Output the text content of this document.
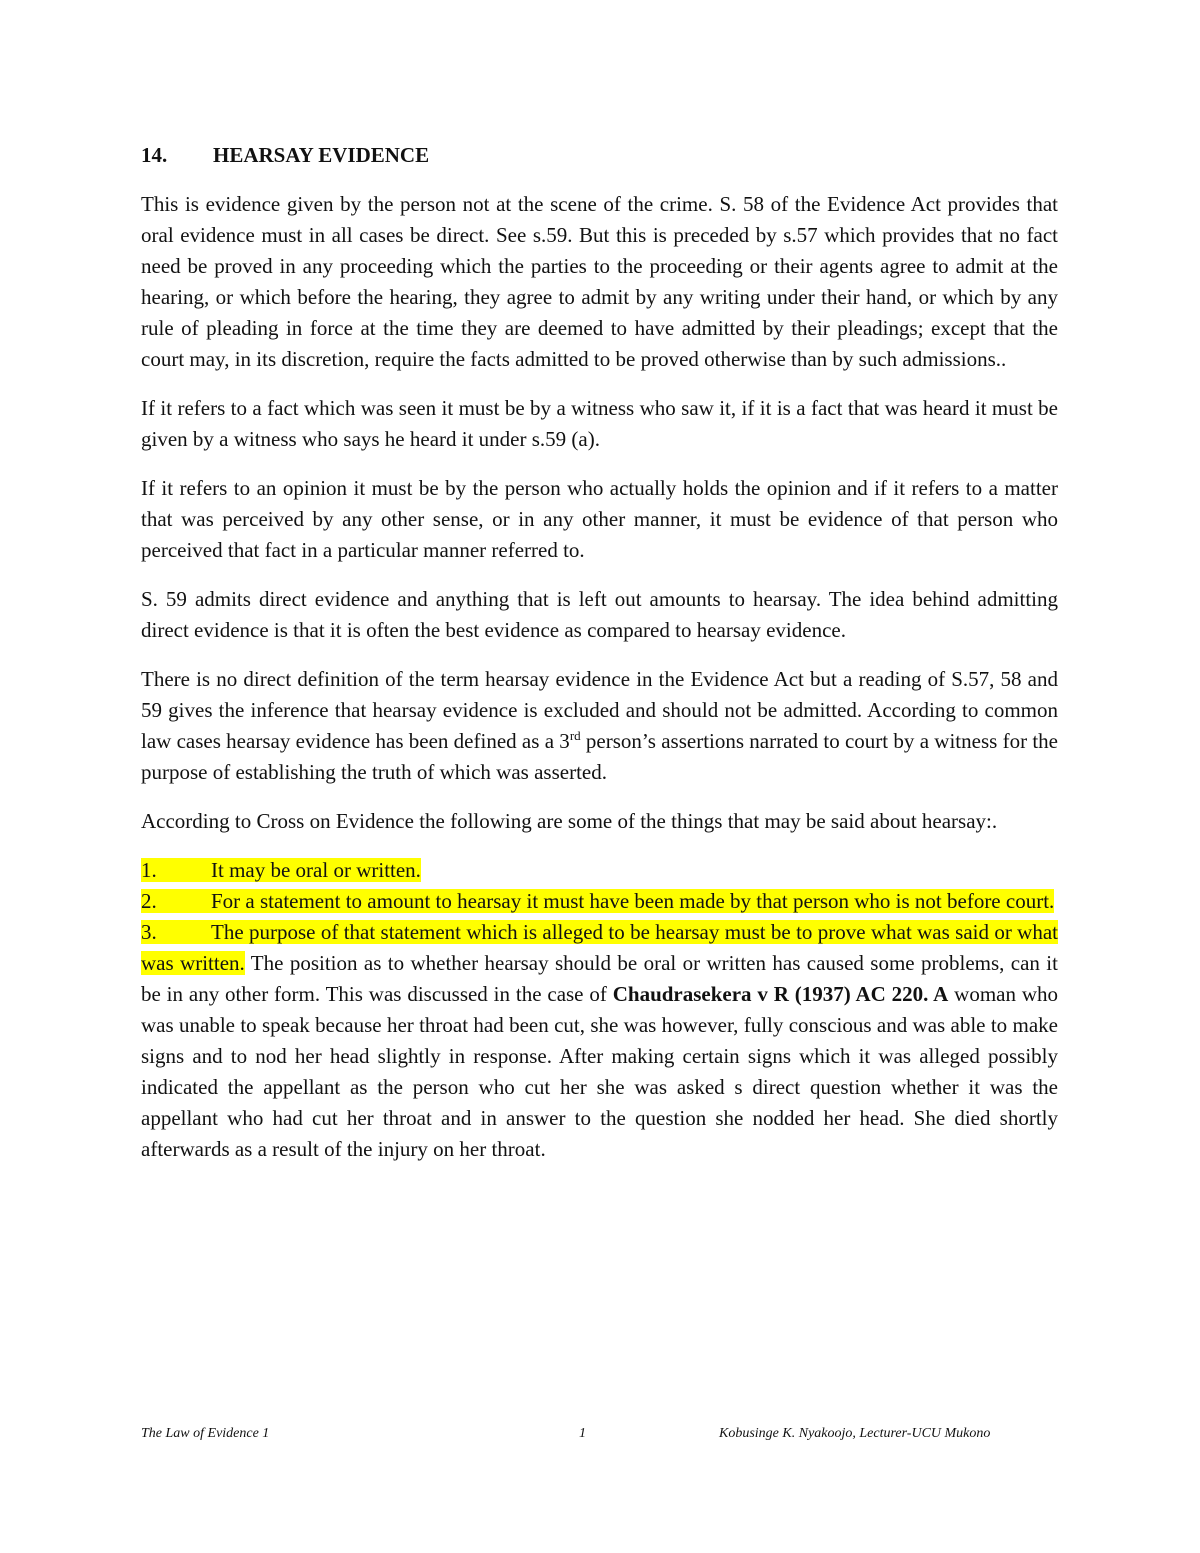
14. HEARSAY EVIDENCE

This is evidence given by the person not at the scene of the crime. S. 58 of the Evidence Act provides that oral evidence must in all cases be direct. See s.59. But this is preceded by s.57 which provides that no fact need be proved in any proceeding which the parties to the proceeding or their agents agree to admit at the hearing, or which before the hearing, they agree to admit by any writing under their hand, or which by any rule of pleading in force at the time they are deemed to have admitted by their pleadings; except that the court may, in its discretion, require the facts admitted to be proved otherwise than by such admissions..

If it refers to a fact which was seen it must be by a witness who saw it, if it is a fact that was heard it must be given by a witness who says he heard it under s.59 (a).

If it refers to an opinion it must be by the person who actually holds the opinion and if it refers to a matter that was perceived by any other sense, or in any other manner, it must be evidence of that person who perceived that fact in a particular manner referred to.

S. 59 admits direct evidence and anything that is left out amounts to hearsay. The idea behind admitting direct evidence is that it is often the best evidence as compared to hearsay evidence.

There is no direct definition of the term hearsay evidence in the Evidence Act but a reading of S.57, 58 and 59 gives the inference that hearsay evidence is excluded and should not be admitted. According to common law cases hearsay evidence has been defined as a 3rd person’s assertions narrated to court by a witness for the purpose of establishing the truth of which was asserted.

According to Cross on Evidence the following are some of the things that may be said about hearsay:.

1.	It may be oral or written.
2.	For a statement to amount to hearsay it must have been made by that person who is not before court.
3.	The purpose of that statement which is alleged to be hearsay must be to prove what was said or what was written. The position as to whether hearsay should be oral or written has caused some problems, can it be in any other form. This was discussed in the case of Chaudrasekera v R (1937) AC 220. A woman who was unable to speak because her throat had been cut, she was however, fully conscious and was able to make signs and to nod her head slightly in response. After making certain signs which it was alleged possibly indicated the appellant as the person who cut her she was asked s direct question whether it was the appellant who had cut her throat and in answer to the question she nodded her head. She died shortly afterwards as a result of the injury on her throat.
The Law of Evidence 1	1	Kobusinge K. Nyakoojo, Lecturer-UCU Mukono
